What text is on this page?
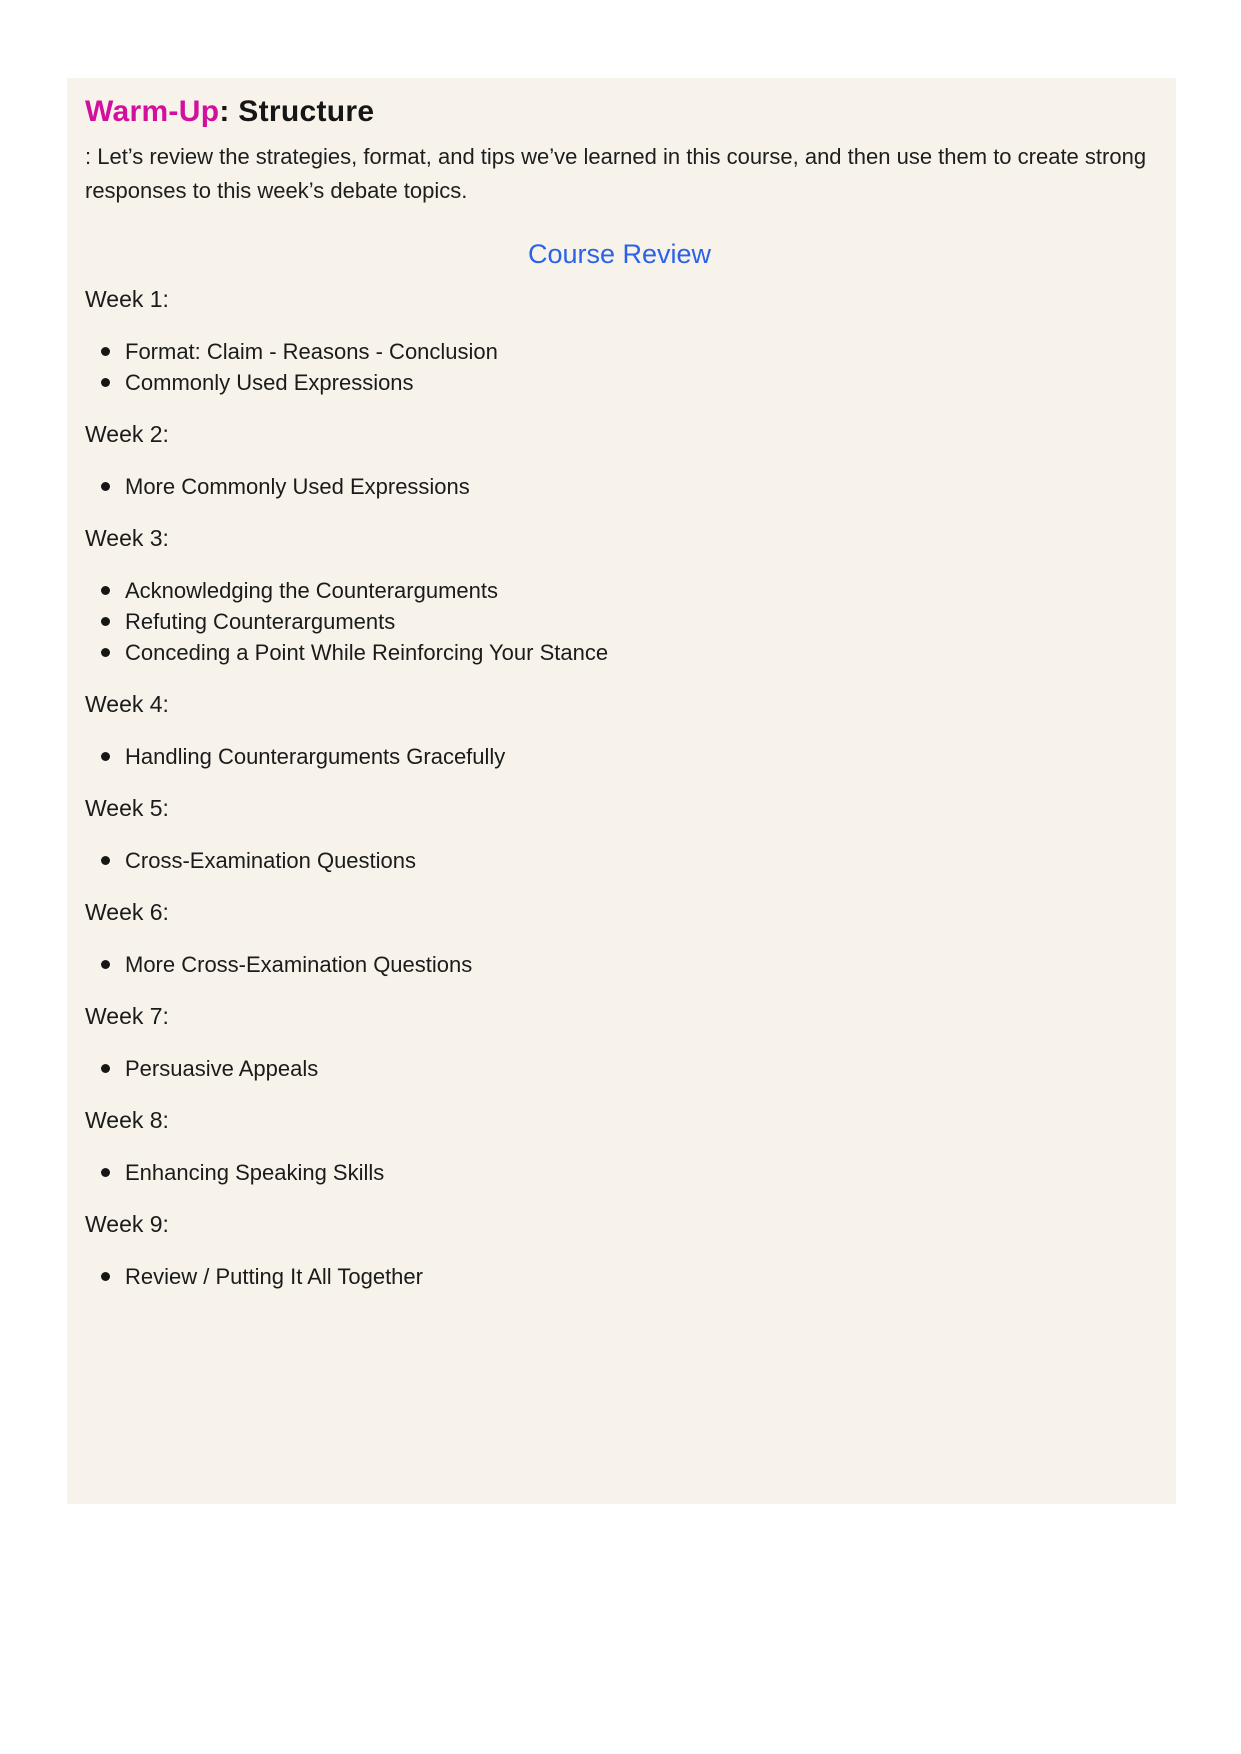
Warm-Up: Structure

: Let’s review the strategies, format, and tips we’ve learned in this course, and then use them to create strong responses to this week’s debate topics.

Course Review

Week 1:

Format: Claim - Reasons - Conclusion
Commonly Used Expressions

Week 2:

More Commonly Used Expressions

Week 3:

Acknowledging the Counterarguments
Refuting Counterarguments
Conceding a Point While Reinforcing Your Stance

Week 4:

Handling Counterarguments Gracefully

Week 5:

Cross-Examination Questions

Week 6:

More Cross-Examination Questions

Week 7:

Persuasive Appeals

Week 8:

Enhancing Speaking Skills

Week 9:

Review / Putting It All Together
